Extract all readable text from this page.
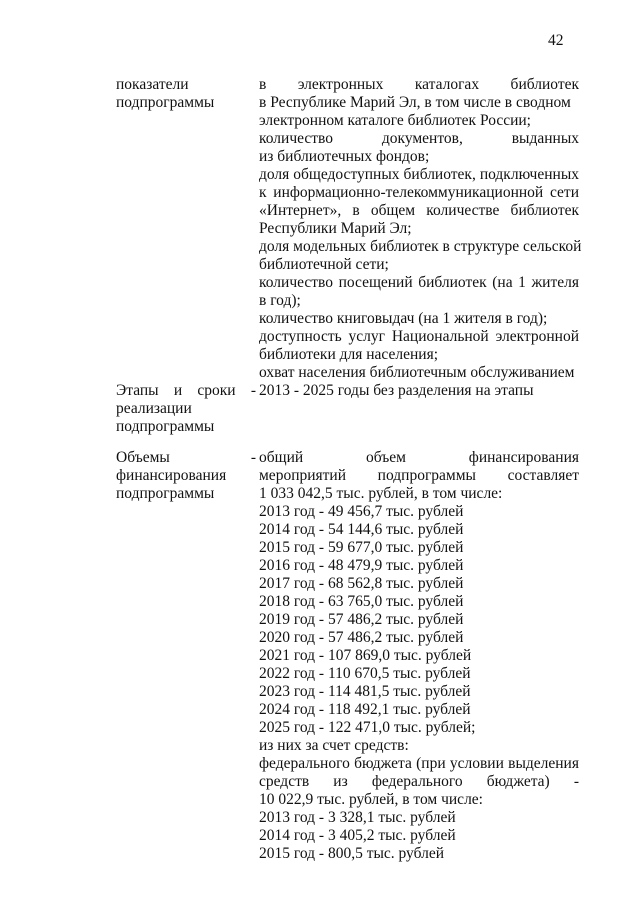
42
показатели
подпрограммы
в электронных каталогах библиотек
в Республике Марий Эл, в том числе в сводном
электронном каталоге библиотек России;
количество документов, выданных
из библиотечных фондов;
доля общедоступных библиотек, подключенных
к информационно-телекоммуникационной сети
«Интернет», в общем количестве библиотек
Республики Марий Эл;
доля модельных библиотек в структуре сельской
библиотечной сети;
количество посещений библиотек (на 1 жителя
в год);
количество книговыдач (на 1 жителя в год);
доступность услуг Национальной электронной
библиотеки для населения;
охват населения библиотечным обслуживанием
Этапы и сроки -
реализации
подпрограммы
2013 - 2025 годы без разделения на этапы
Объемы -
финансирования
подпрограммы
общий объем финансирования
мероприятий подпрограммы составляет
1 033 042,5 тыс. рублей, в том числе:
2013 год - 49 456,7 тыс. рублей
2014 год - 54 144,6 тыс. рублей
2015 год - 59 677,0 тыс. рублей
2016 год - 48 479,9 тыс. рублей
2017 год - 68 562,8 тыс. рублей
2018 год - 63 765,0 тыс. рублей
2019 год - 57 486,2 тыс. рублей
2020 год - 57 486,2 тыс. рублей
2021 год - 107 869,0 тыс. рублей
2022 год - 110 670,5 тыс. рублей
2023 год - 114 481,5 тыс. рублей
2024 год - 118 492,1 тыс. рублей
2025 год - 122 471,0 тыс. рублей;
из них за счет средств:
федерального бюджета (при условии выделения
средств из федерального бюджета) -
10 022,9 тыс. рублей, в том числе:
2013 год - 3 328,1 тыс. рублей
2014 год - 3 405,2 тыс. рублей
2015 год - 800,5 тыс. рублей
